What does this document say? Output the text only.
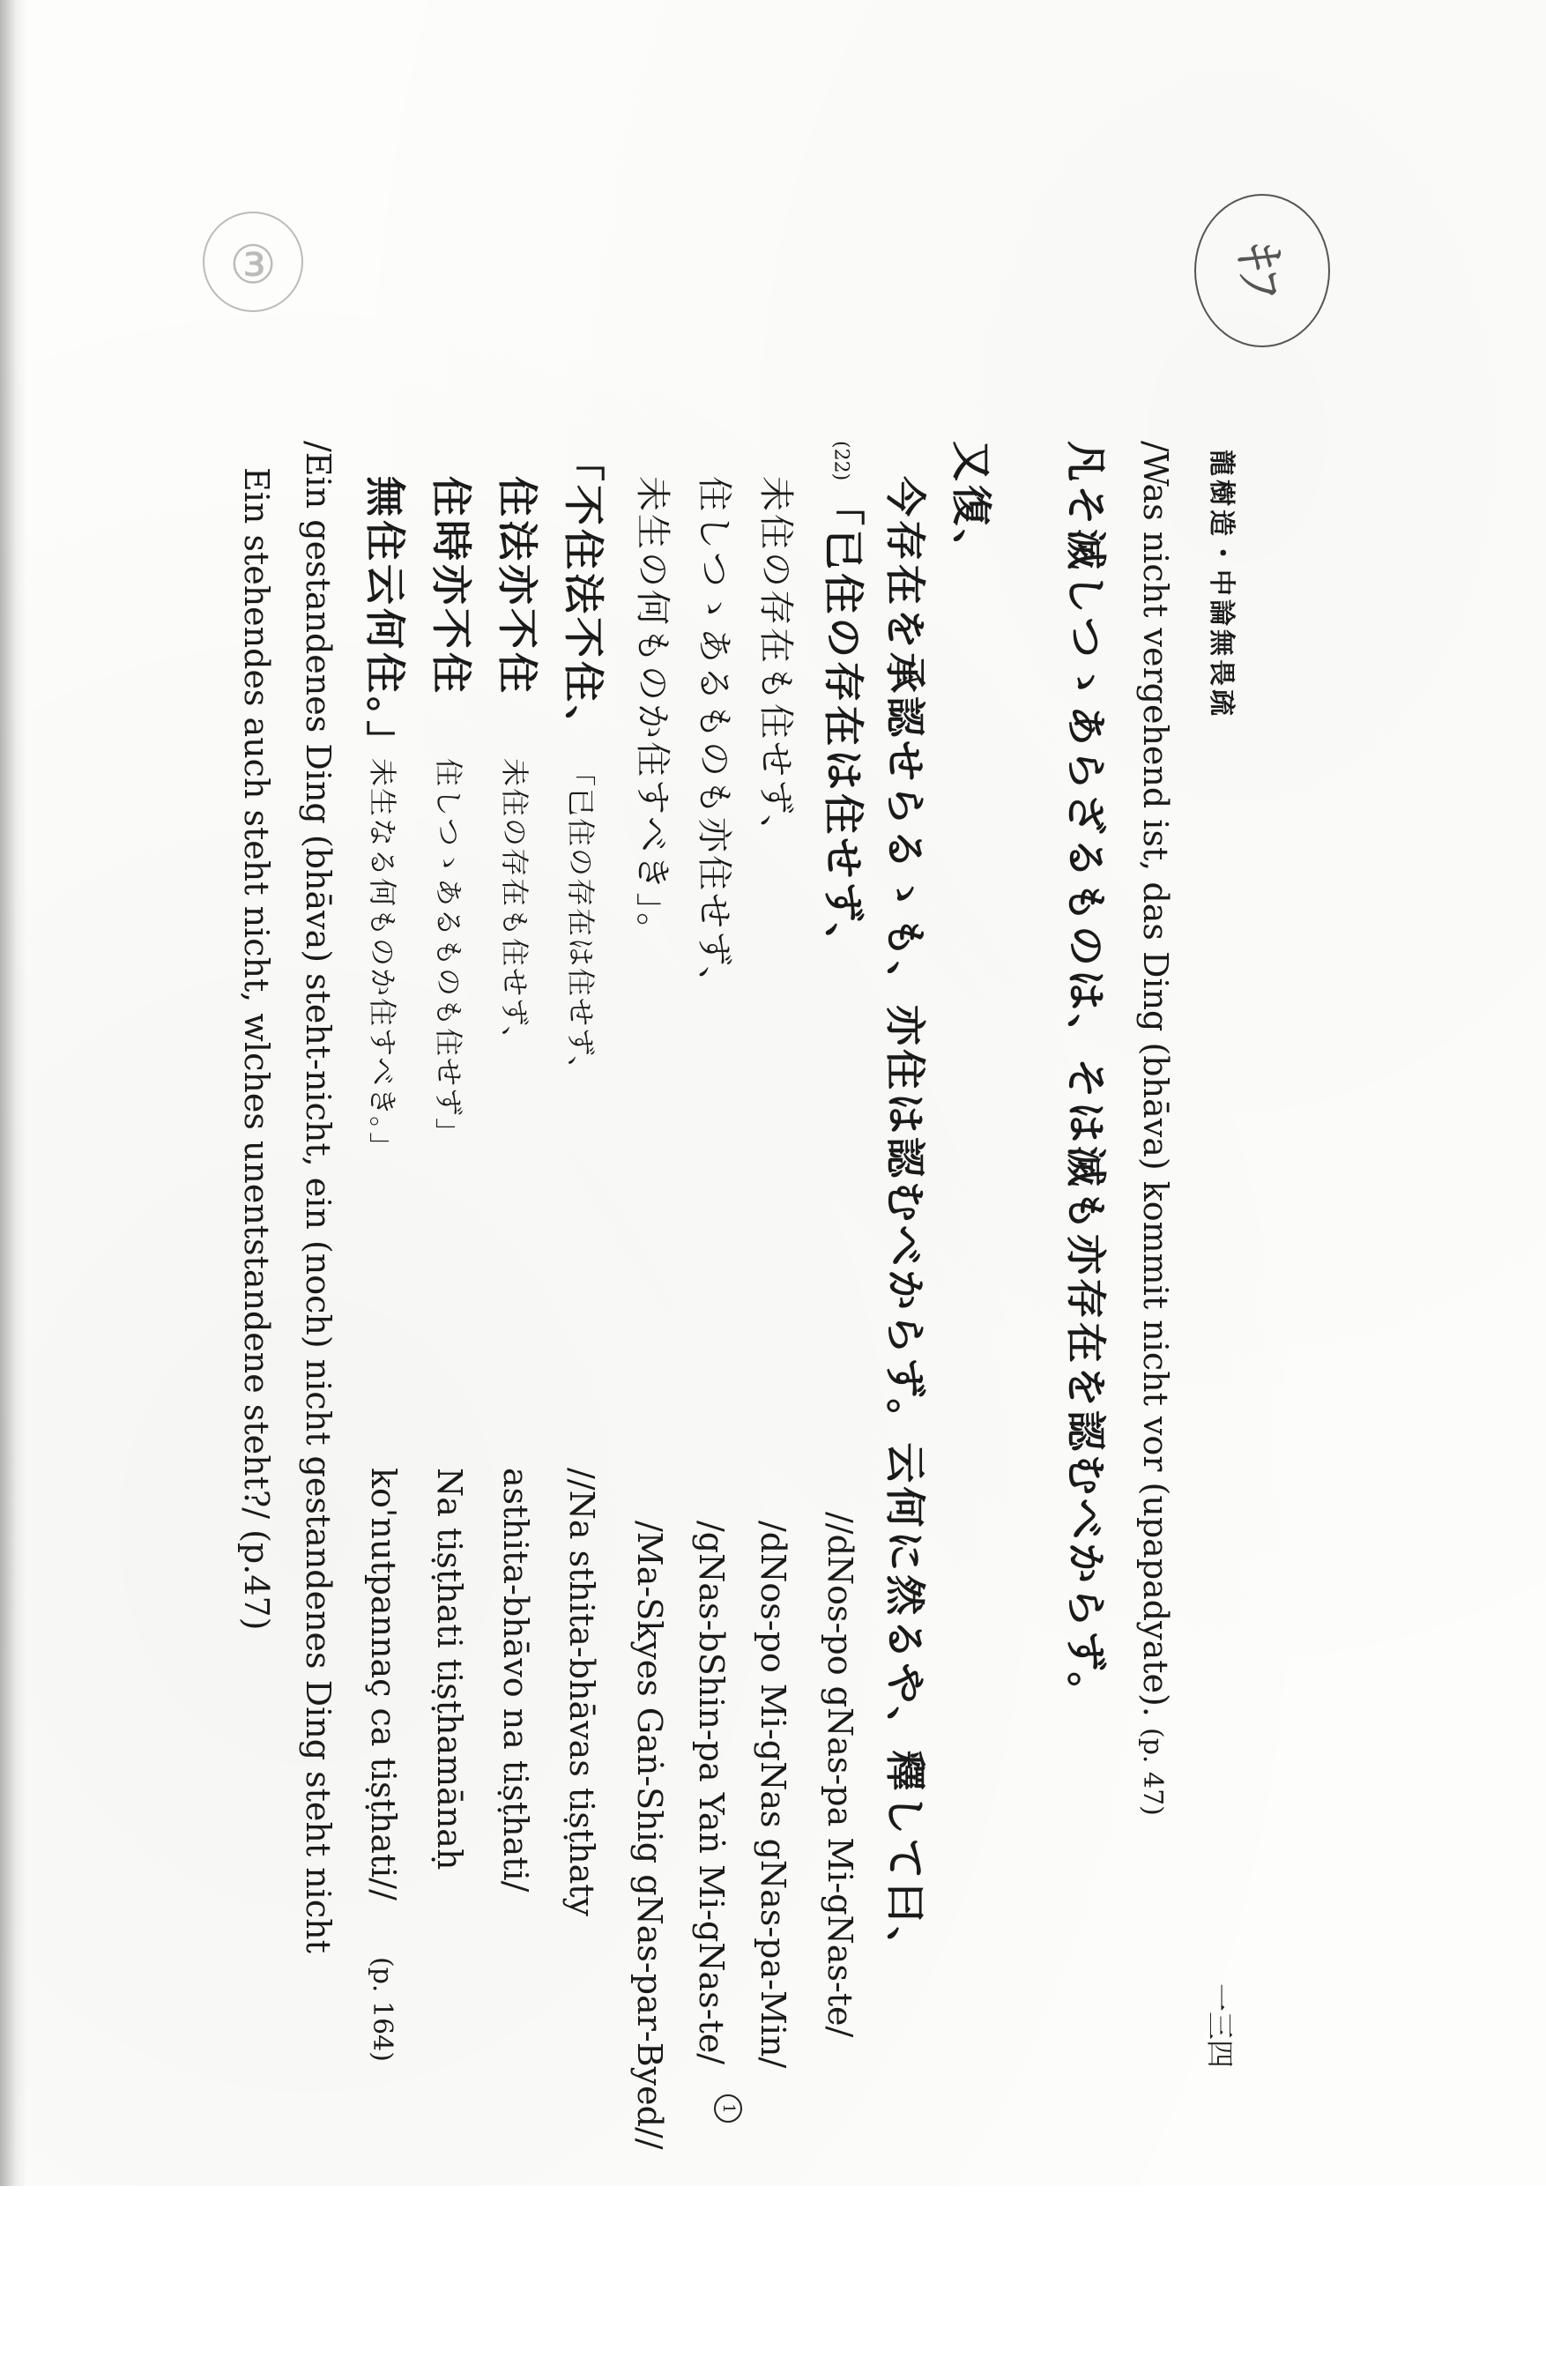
ｷﾌ
③
龍樹造・中論無畏疏
一三四
/Was nicht vergehend ist, das Ding (bhāva) kommit nicht vor (upapadyate). (p. 47)
凡そ滅しつゝあらざるものは、そは滅も亦存在を認むべからず。
又復、
今存在を承認せらるゝも、亦住は認むべからず。云何に然るや、釋して曰、
(22) 「已住の存在は住せず、
//dNos-po gNas-pa Mi-gNas-te/
未住の存在も住せず、
/dNos-po Mi-gNas gNas-pa-Min/
住しつゝあるものも亦住せず、
/gNas-bShin-pa Yaṅ Mi-gNas-te/
1
未生の何ものか住すべき」。
/Ma-Skyes Gaṅ-Shig gNas-par-Byed//
「不住法不住、
「已住の存在は住せず、
//Na sthita-bhāvas tiṣṭhaty
住法亦不住
未住の存在も住せず、
asthita-bhāvo na tiṣṭhati/
住時亦不住
住しつゝあるものも住せず」
Na tiṣṭhati tiṣṭhamānaḥ
無住云何住。」
未生なる何ものか住すべき。」
ko'nutpannaç ca tiṣṭhati//
(p. 164)
/Ein gestandenes Ding (bhāva) steht-nicht, ein (noch) nicht gestandenes Ding steht nicht
Ein stehendes auch steht nicht, wlches unentstandene steht?/ (p.47)
